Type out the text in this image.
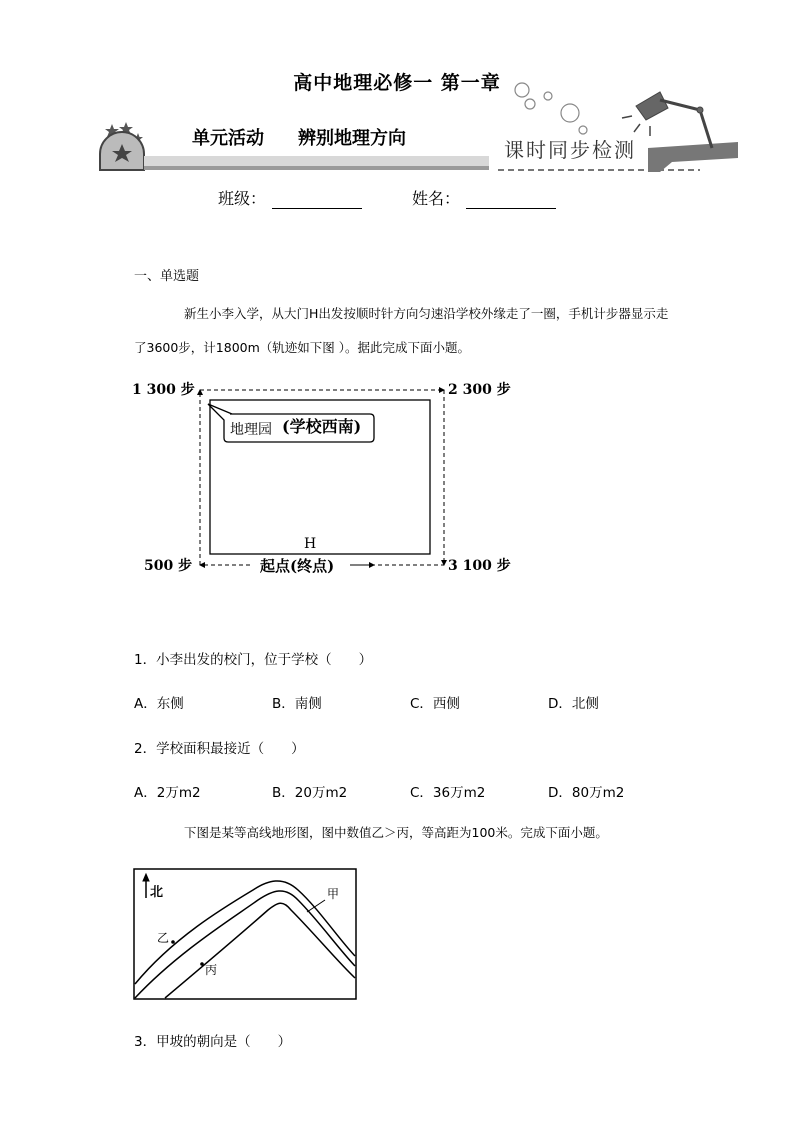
高中地理必修一 第一章
单元活动 辨别地理方向	课时同步检测
班级：	姓名：
一、单选题
新生小李入学，从大门H出发按顺时针方向匀速沿学校外缘走了一圈，手机计步器显示走了3600步，计1800m（轨迹如下图 ）。据此完成下面小题。
地理园 (学校西南)
1 300 步	2 300 步
500 步	3 100 步
H
起点(终点)
1．小李出发的校门，位于学校（　　）
A．东侧	B．南侧	C．西侧	D．北侧
2．学校面积最接近（　　）
A．2万m2	B．20万m2	C．36万m2	D．80万m2
下图是某等高线地形图，图中数值乙＞丙，等高距为100米。完成下面小题。
北	甲
乙
丙
3．甲坡的朝向是（　　）
